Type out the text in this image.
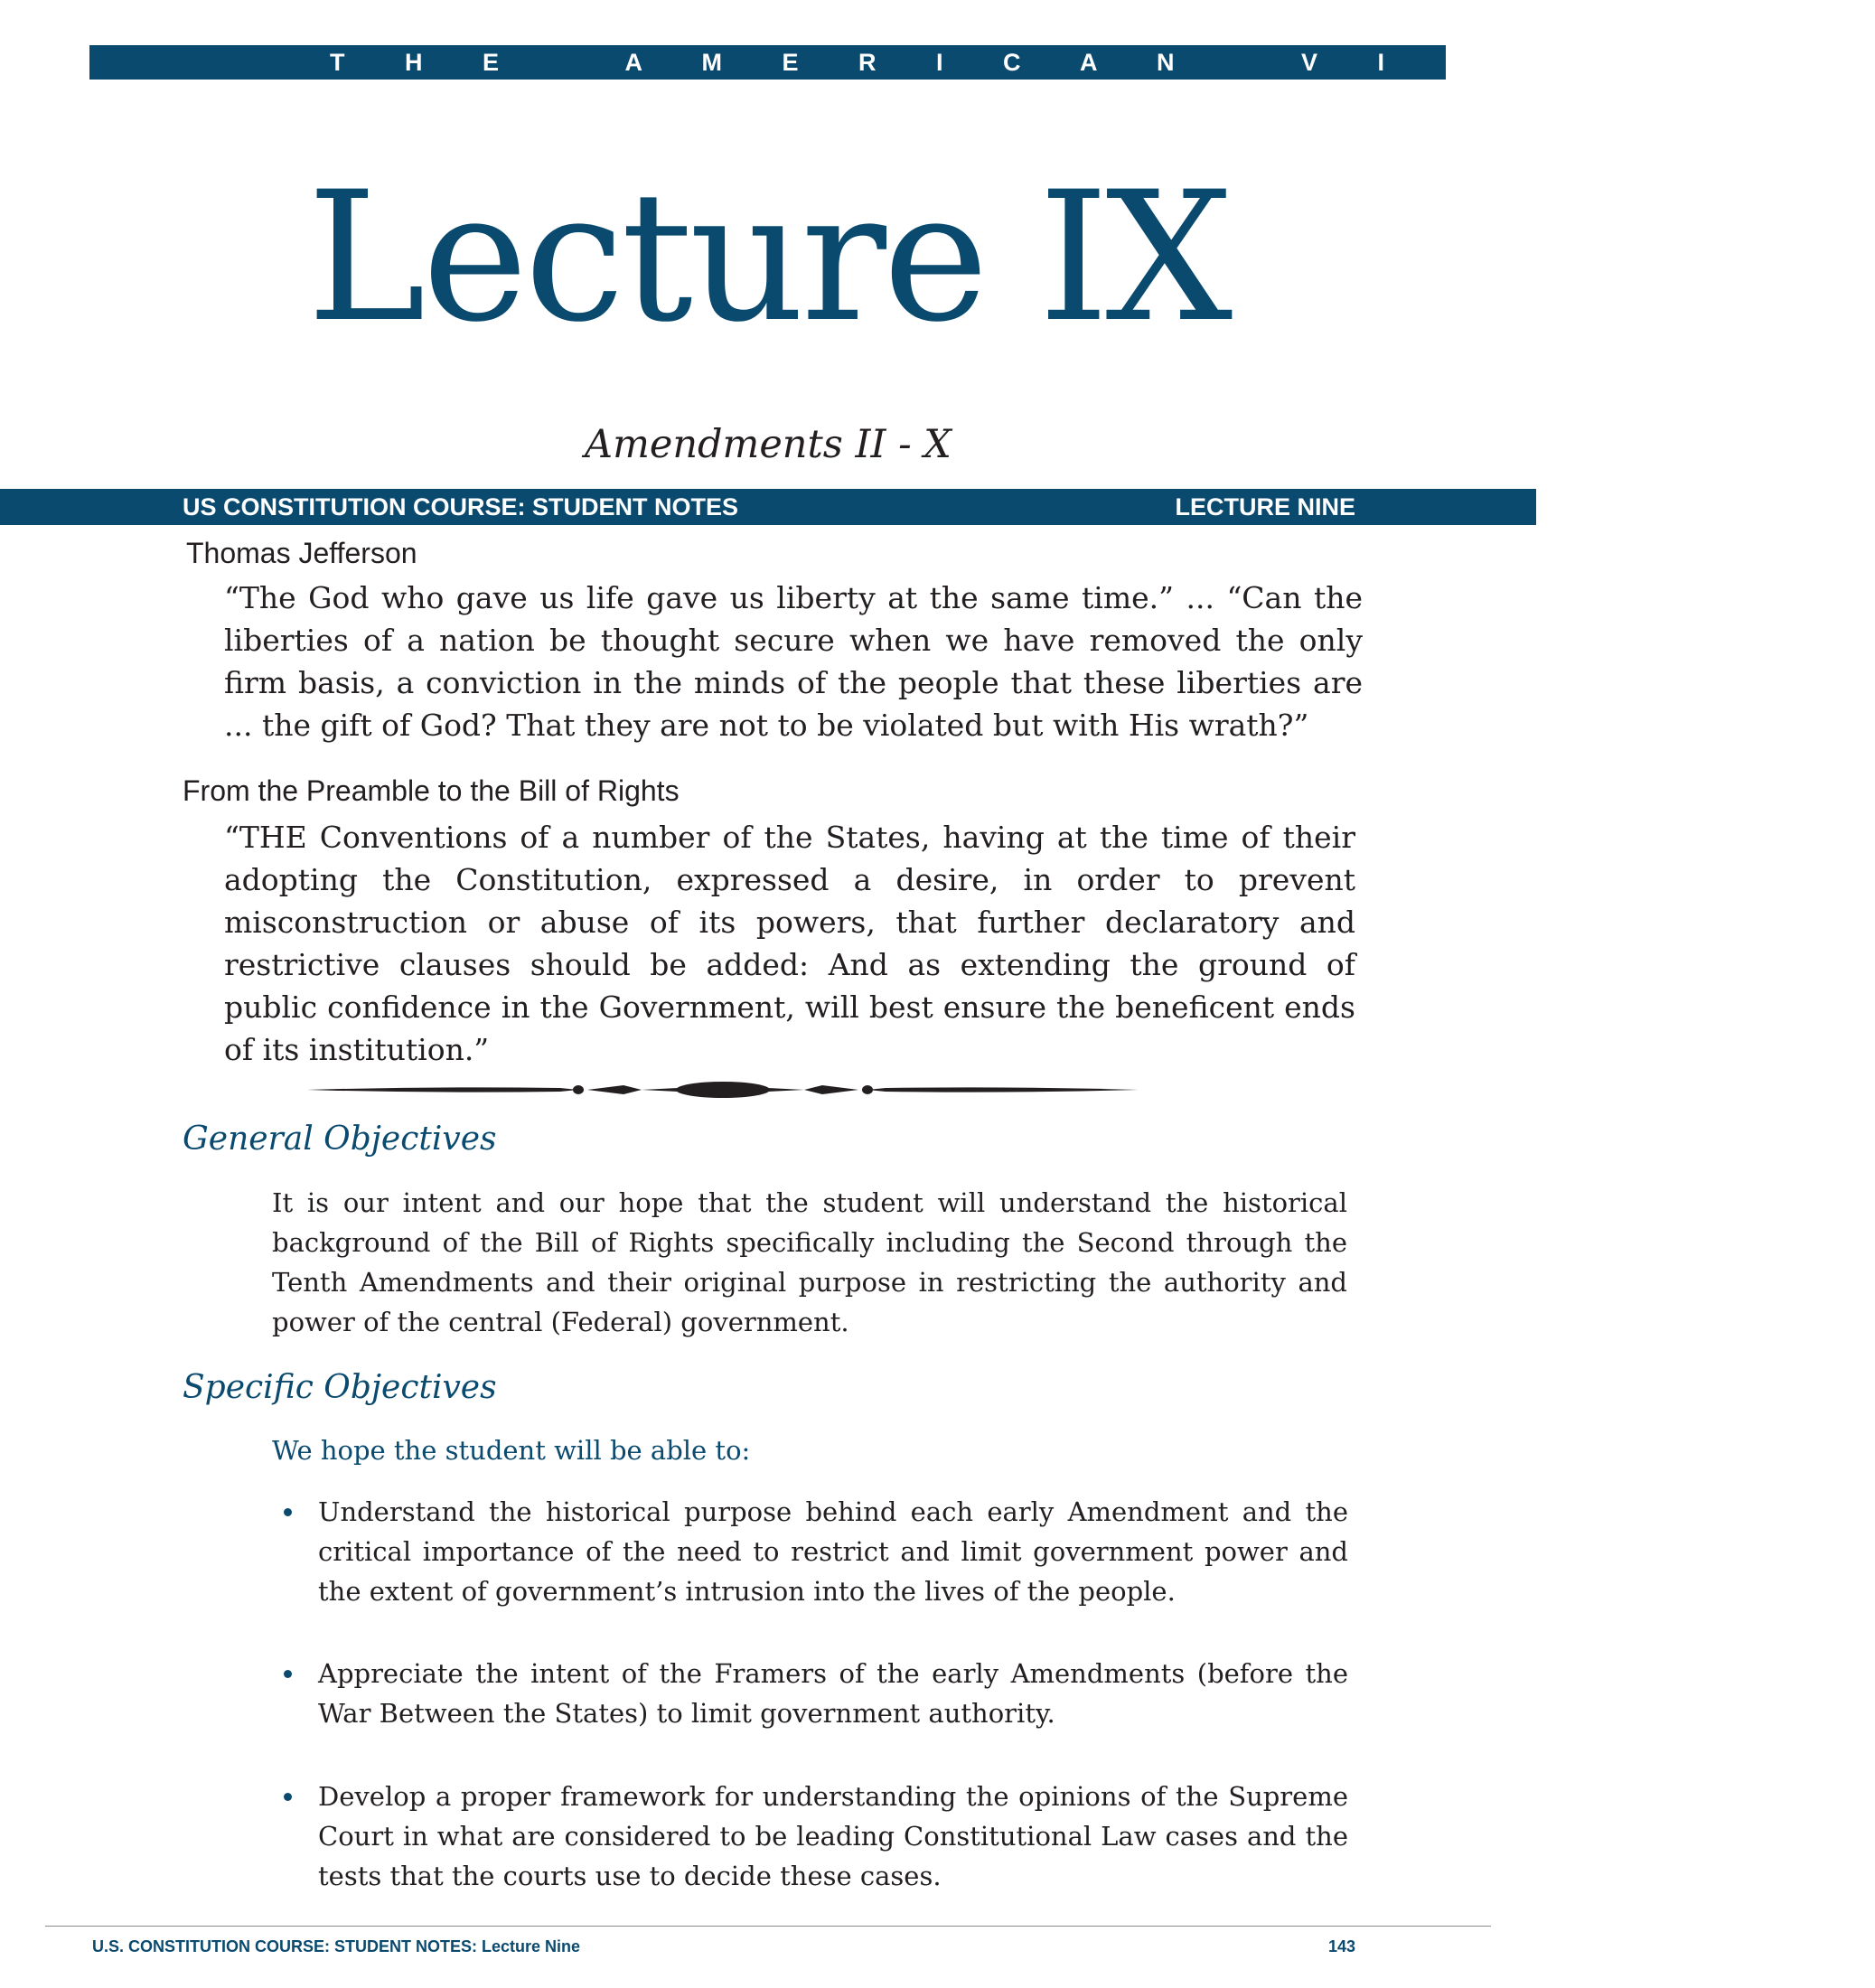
T H E   A M E R I C A N   V I E W . C O M
Lecture IX
Amendments II - X
US CONSTITUTION COURSE: STUDENT NOTES	LECTURE NINE
Thomas Jefferson
“The God who gave us life gave us liberty at the same time.” ... “Can the liberties of a nation be thought secure when we have removed the only firm basis, a conviction in the minds of the people that these liberties are ... the gift of God? That they are not to be violated but with His wrath?”
From the Preamble to the Bill of Rights
“THE Conventions of a number of the States, having at the time of their adopting the Constitution, expressed a desire, in order to prevent misconstruction or abuse of its powers, that further declaratory and restrictive clauses should be added: And as extending the ground of public confidence in the Government, will best ensure the beneficent ends of its institution.”
General Objectives
It is our intent and our hope that the student will understand the historical background of the Bill of Rights specifically including the Second through the Tenth Amendments and their original purpose in restricting the authority and power of the central (Federal) government.
Specific Objectives
We hope the student will be able to:
Understand the historical purpose behind each early Amendment and the critical importance of the need to restrict and limit government power and the extent of government’s intrusion into the lives of the people.
Appreciate the intent of the Framers of the early Amendments (before the War Between the States) to limit government authority.
Develop a proper framework for understanding the opinions of the Supreme Court in what are considered to be leading Constitutional Law cases and the tests that the courts use to decide these cases.
U.S. CONSTITUTION COURSE: STUDENT NOTES: Lecture Nine	143
